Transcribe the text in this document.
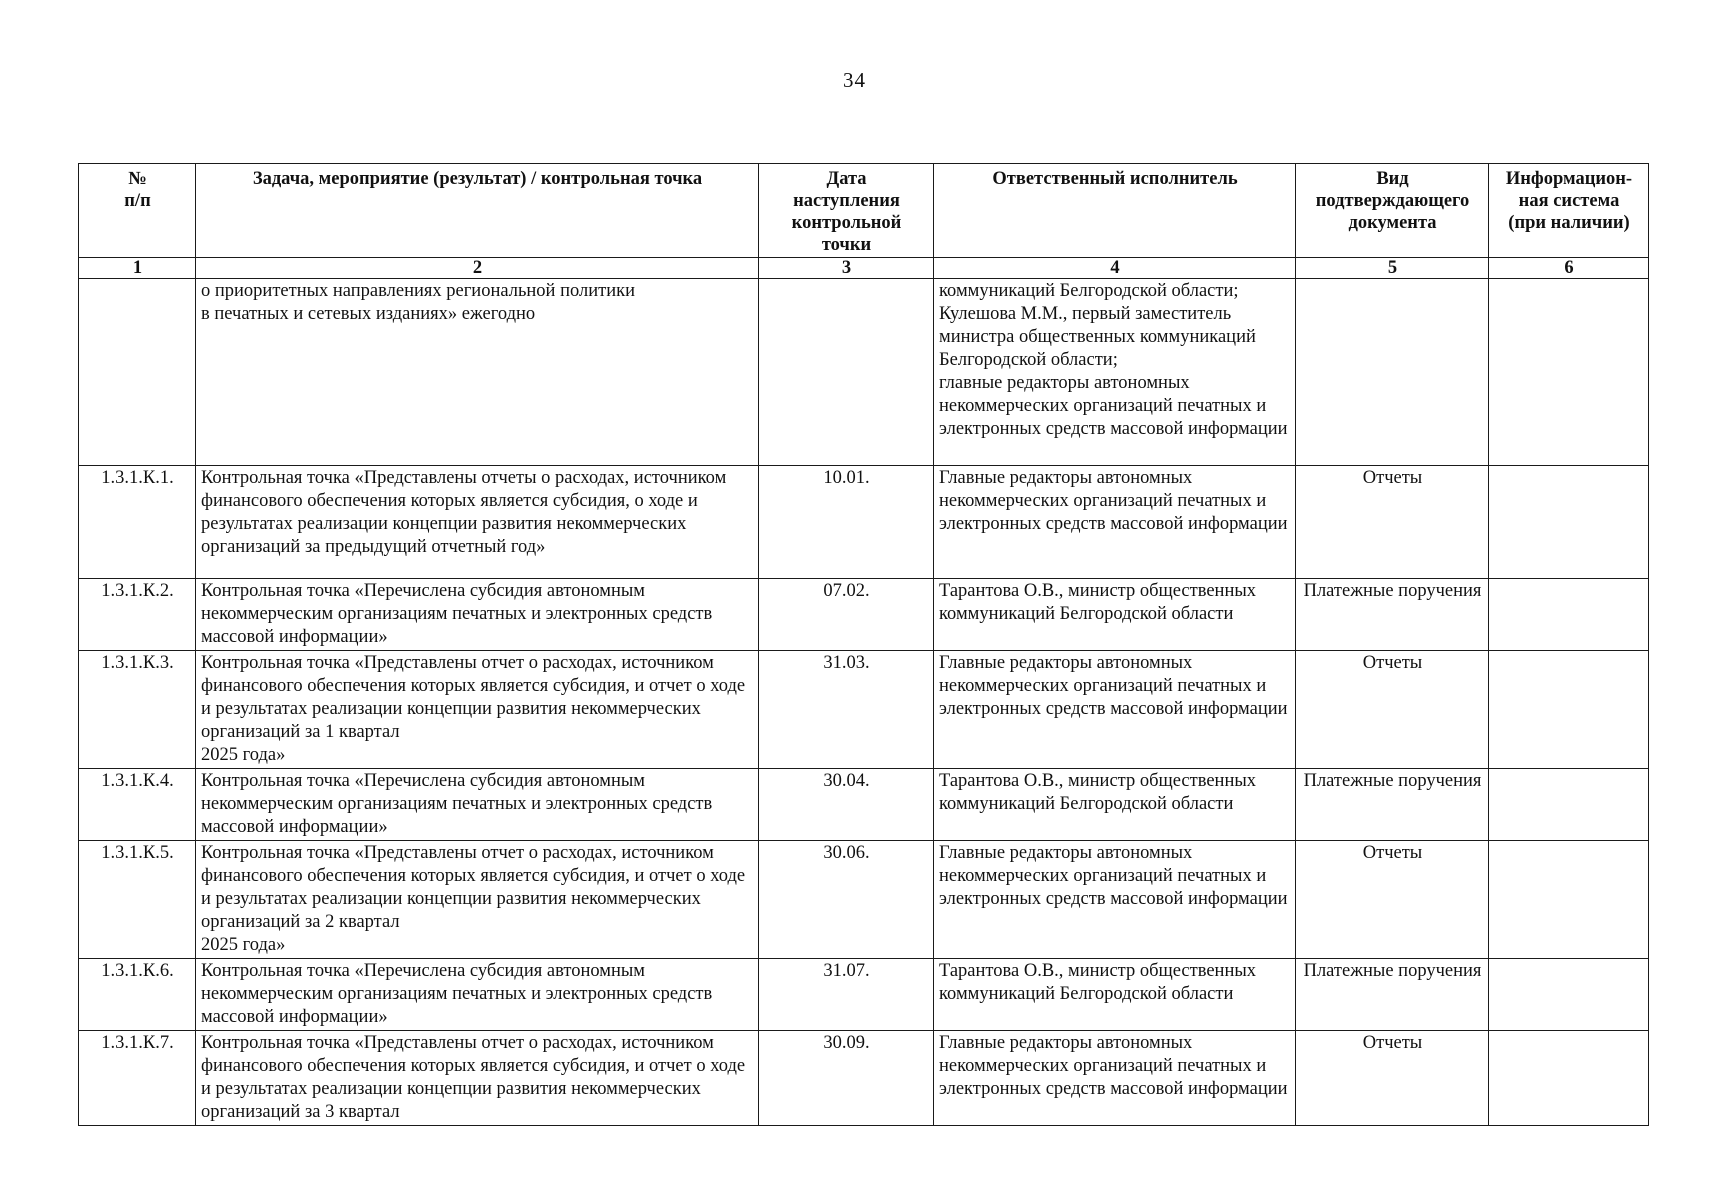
34
№
п/п	Задача, мероприятие (результат) / контрольная точка	Дата
наступления
контрольной
точки	Ответственный исполнитель	Вид
подтверждающего
документа	Информацион-
ная система
(при наличии)
1	2	3	4	5	6
	о приоритетных направлениях региональной политики
в печатных и сетевых изданиях» ежегодно		коммуникаций Белгородской области;
Кулешова М.М., первый заместитель министра общественных коммуникаций Белгородской области;
главные редакторы автономных некоммерческих организаций печатных и электронных средств массовой информации		
1.3.1.К.1.	Контрольная точка «Представлены отчеты о расходах, источником финансового обеспечения которых является субсидия, о ходе и результатах реализации концепции развития некоммерческих организаций за предыдущий отчетный год»	10.01.	Главные редакторы автономных некоммерческих организаций печатных и электронных средств массовой информации	Отчеты	
1.3.1.К.2.	Контрольная точка «Перечислена субсидия автономным некоммерческим организациям печатных и электронных средств массовой информации»	07.02.	Тарантова О.В., министр общественных коммуникаций Белгородской области	Платежные поручения	
1.3.1.К.3.	Контрольная точка «Представлены отчет о расходах, источником финансового обеспечения которых является субсидия, и отчет о ходе и результатах реализации концепции развития некоммерческих организаций за 1 квартал
2025 года»	31.03.	Главные редакторы автономных некоммерческих организаций печатных и электронных средств массовой информации	Отчеты	
1.3.1.К.4.	Контрольная точка «Перечислена субсидия автономным некоммерческим организациям печатных и электронных средств массовой информации»	30.04.	Тарантова О.В., министр общественных коммуникаций Белгородской области	Платежные поручения	
1.3.1.К.5.	Контрольная точка «Представлены отчет о расходах, источником финансового обеспечения которых является субсидия, и отчет о ходе и результатах реализации концепции развития некоммерческих организаций за 2 квартал
2025 года»	30.06.	Главные редакторы автономных некоммерческих организаций печатных и электронных средств массовой информации	Отчеты	
1.3.1.К.6.	Контрольная точка «Перечислена субсидия автономным некоммерческим организациям печатных и электронных средств массовой информации»	31.07.	Тарантова О.В., министр общественных коммуникаций Белгородской области	Платежные поручения	
1.3.1.К.7.	Контрольная точка «Представлены отчет о расходах, источником финансового обеспечения которых является субсидия, и отчет о ходе и результатах реализации концепции развития некоммерческих организаций за 3 квартал	30.09.	Главные редакторы автономных некоммерческих организаций печатных и электронных средств массовой информации	Отчеты	
